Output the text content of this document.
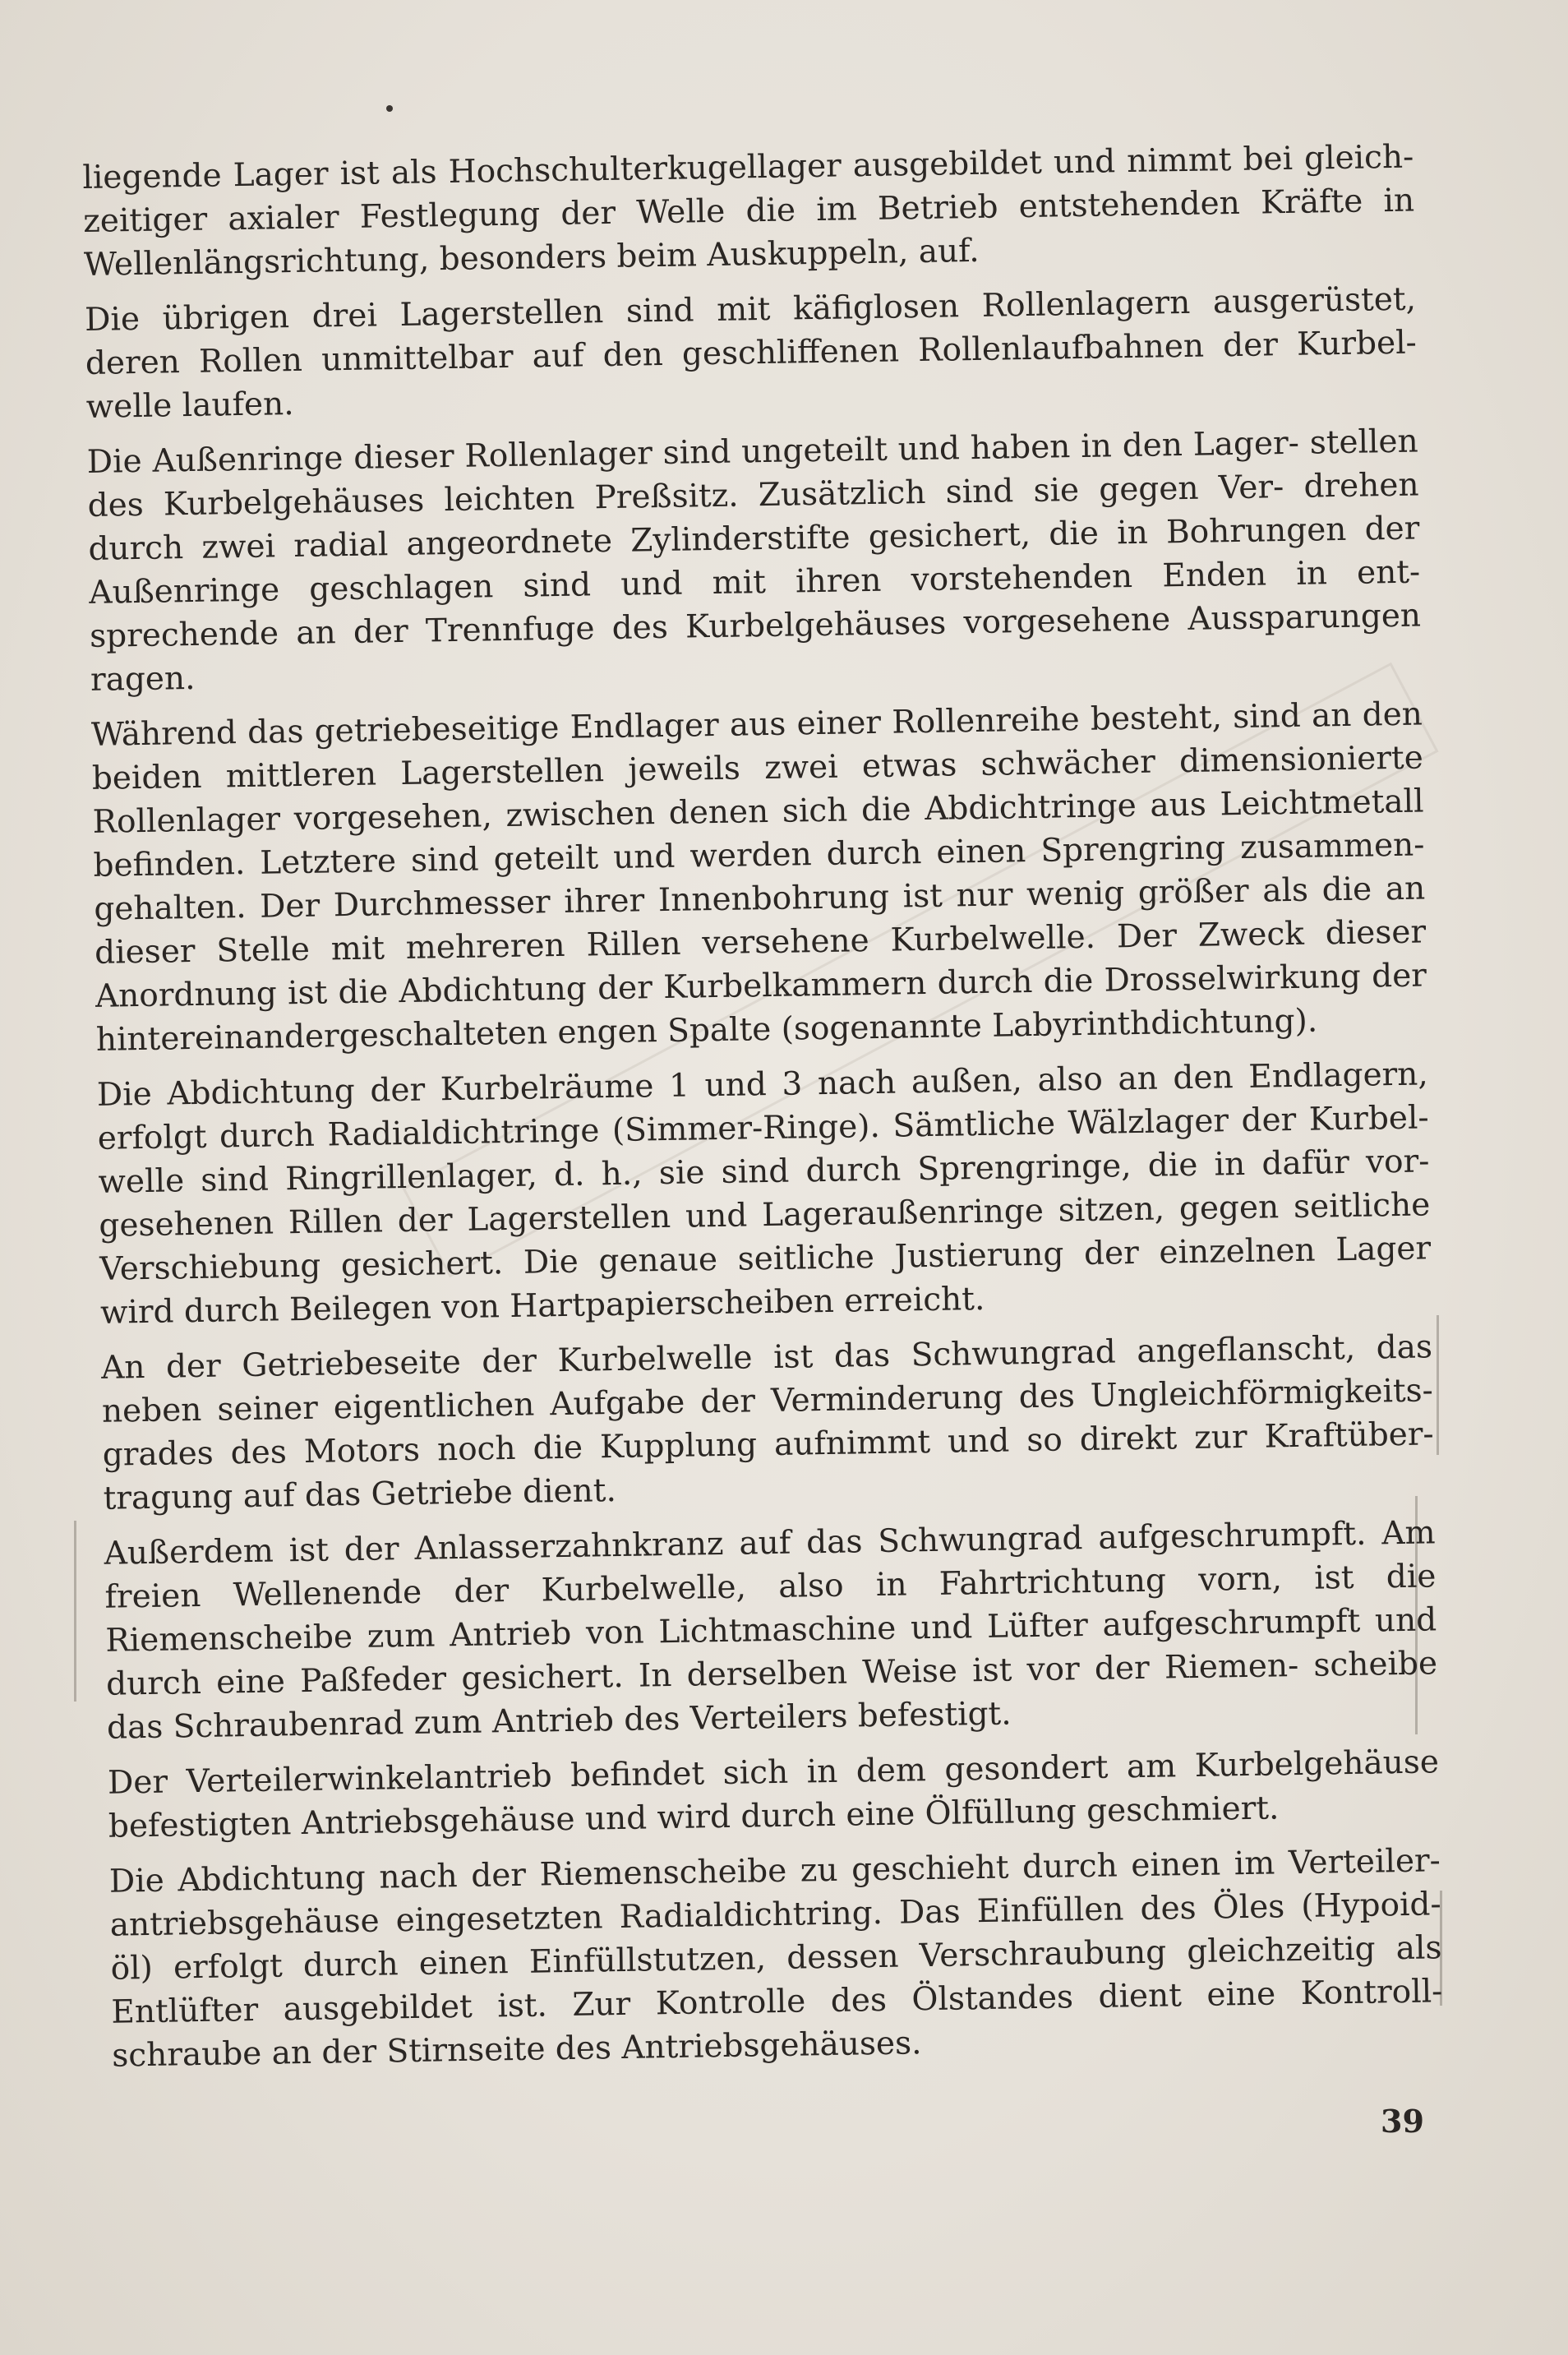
liegende Lager ist als Hochschulterkugellager ausgebildet und nimmt bei gleich- zeitiger axialer Festlegung der Welle die im Betrieb entstehenden Kräfte in Wellenlängsrichtung, besonders beim Auskuppeln, auf.

Die übrigen drei Lagerstellen sind mit käfiglosen Rollenlagern ausgerüstet, deren Rollen unmittelbar auf den geschliffenen Rollenlaufbahnen der Kurbel- welle laufen.

Die Außenringe dieser Rollenlager sind ungeteilt und haben in den Lager- stellen des Kurbelgehäuses leichten Preßsitz. Zusätzlich sind sie gegen Ver- drehen durch zwei radial angeordnete Zylinderstifte gesichert, die in Bohrungen der Außenringe geschlagen sind und mit ihren vorstehenden Enden in ent- sprechende an der Trennfuge des Kurbelgehäuses vorgesehene Aussparungen ragen.

Während das getriebeseitige Endlager aus einer Rollenreihe besteht, sind an den beiden mittleren Lagerstellen jeweils zwei etwas schwächer dimensionierte Rollenlager vorgesehen, zwischen denen sich die Abdichtringe aus Leichtmetall befinden. Letztere sind geteilt und werden durch einen Sprengring zusammen- gehalten. Der Durchmesser ihrer Innenbohrung ist nur wenig größer als die an dieser Stelle mit mehreren Rillen versehene Kurbelwelle. Der Zweck dieser Anordnung ist die Abdichtung der Kurbelkammern durch die Drosselwirkung der hintereinandergeschalteten engen Spalte (sogenannte Labyrinthdichtung).

Die Abdichtung der Kurbelräume 1 und 3 nach außen, also an den Endlagern, erfolgt durch Radialdichtringe (Simmer-Ringe). Sämtliche Wälzlager der Kurbel- welle sind Ringrillenlager, d. h., sie sind durch Sprengringe, die in dafür vor- gesehenen Rillen der Lagerstellen und Lageraußenringe sitzen, gegen seitliche Verschiebung gesichert. Die genaue seitliche Justierung der einzelnen Lager wird durch Beilegen von Hartpapierscheiben erreicht.

An der Getriebeseite der Kurbelwelle ist das Schwungrad angeflanscht, das neben seiner eigentlichen Aufgabe der Verminderung des Ungleichförmigkeits- grades des Motors noch die Kupplung aufnimmt und so direkt zur Kraftüber- tragung auf das Getriebe dient.

Außerdem ist der Anlasserzahnkranz auf das Schwungrad aufgeschrumpft. Am freien Wellenende der Kurbelwelle, also in Fahrtrichtung vorn, ist die Riemenscheibe zum Antrieb von Lichtmaschine und Lüfter aufgeschrumpft und durch eine Paßfeder gesichert. In derselben Weise ist vor der Riemen- scheibe das Schraubenrad zum Antrieb des Verteilers befestigt.

Der Verteilerwinkelantrieb befindet sich in dem gesondert am Kurbelgehäuse befestigten Antriebsgehäuse und wird durch eine Ölfüllung geschmiert.

Die Abdichtung nach der Riemenscheibe zu geschieht durch einen im Verteiler- antriebsgehäuse eingesetzten Radialdichtring. Das Einfüllen des Öles (Hypoid- öl) erfolgt durch einen Einfüllstutzen, dessen Verschraubung gleichzeitig als Entlüfter ausgebildet ist. Zur Kontrolle des Ölstandes dient eine Kontroll- schraube an der Stirnseite des Antriebsgehäuses.

39
